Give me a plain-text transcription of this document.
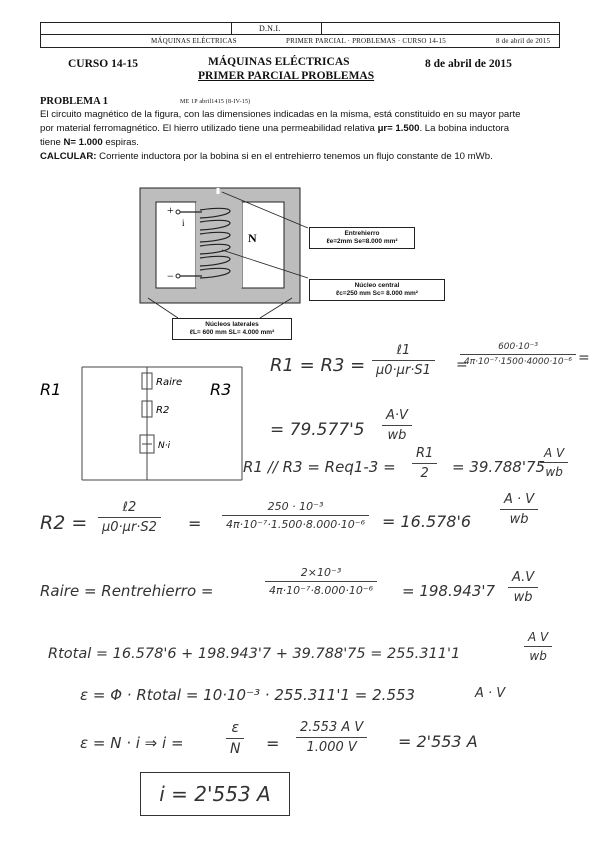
D.N.I.
MÁQUINAS ELÉCTRICAS	PRIMER PARCIAL · PROBLEMAS · CURSO 14-15	8 de abril de 2015
CURSO 14-15	MÁQUINAS ELÉCTRICAS
PRIMER PARCIAL PROBLEMAS
8 de abril de 2015
PROBLEMA 1	ME 1P abril1415 (8-IV-15)
El circuito magnético de la figura, con las dimensiones indicadas en la misma, está constituido en su mayor parte
por material ferromagnético. El hierro utilizado tiene una permeabilidad relativa μr= 1.500. La bobina inductora
tiene N= 1.000 espiras.
CALCULAR: Corriente inductora por la bobina si en el entrehierro tenemos un flujo constante de 10 mWb.
+
−
i
N	Entrehierro
ℓe=2mm Se=8.000 mm²
Núcleo central
ℓc=250 mm Sc= 8.000 mm²
Núcleos laterales
ℓL= 600 mm SL= 4.000 mm²
R1	R3
Raire
R2
N·i
R1 = R3 =
ℓ1
μ0·μr·S1 =
$\frac{\text{600·10⁻³}}{\text{4π·10⁻⁷·1500·4000·10⁻⁶}}$ =
= $79.577'5 \frac{A\cdot V}{wb}$
$R1 // R3 = Req1-3 = \frac{R1}{2} = 39.788'75$
$\frac{\text{A V}}{wb}$
R2 =
ℓ2
$\mu 0\cdot\mu r\cdot S2 = \frac{\text{250 · 10⁻³}}{\text{4π·10⁻⁷·1.500·8.000·10⁻⁶}} = 16.578'6 \frac{A \cdot V}{wb}$
Raire = Rentrehierro =	$\frac{\text{2×10⁻³}}{\text{4π·10⁻⁷·8.000·10⁻⁶}} = 198.943'7 \frac{A.V}{wb}$
Rtotal = 16.578'6 + 198.943'7 + 39.788'75 = 255.311'1	$\frac{\text{A V}}{wb}$
ε = Φ · Rtotal = 10·10⁻³ · 255.311'1 = 2.553	A · V
ε = N · i ⇒ i =	$\frac{\varepsilon}{N} = \frac{\text{2.553 A V}}{1.000 V} = 2'553$ A
i = 2'553 A
